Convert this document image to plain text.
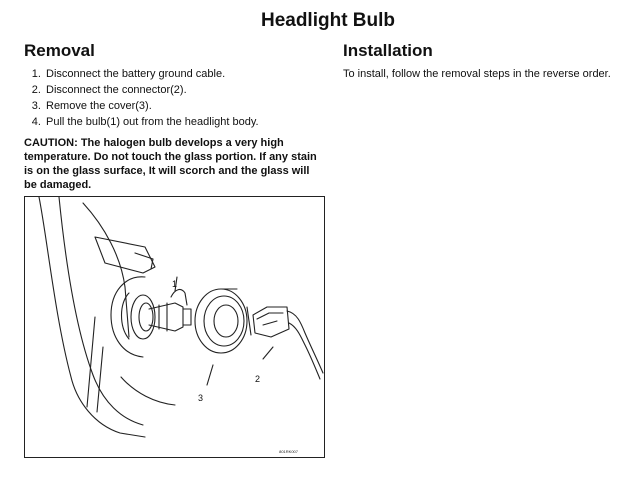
Headlight Bulb
Removal
1. Disconnect the battery ground cable.
2. Disconnect the connector(2).
3. Remove the cover(3).
4. Pull the bulb(1) out from the headlight body.
CAUTION: The halogen bulb develops a very high temperature. Do not touch the glass portion. If any stain is on the glass surface, It will scorch and the glass will be damaged.
Installation
To install, follow the removal steps in the reverse order.
1
2
3
801RK007
